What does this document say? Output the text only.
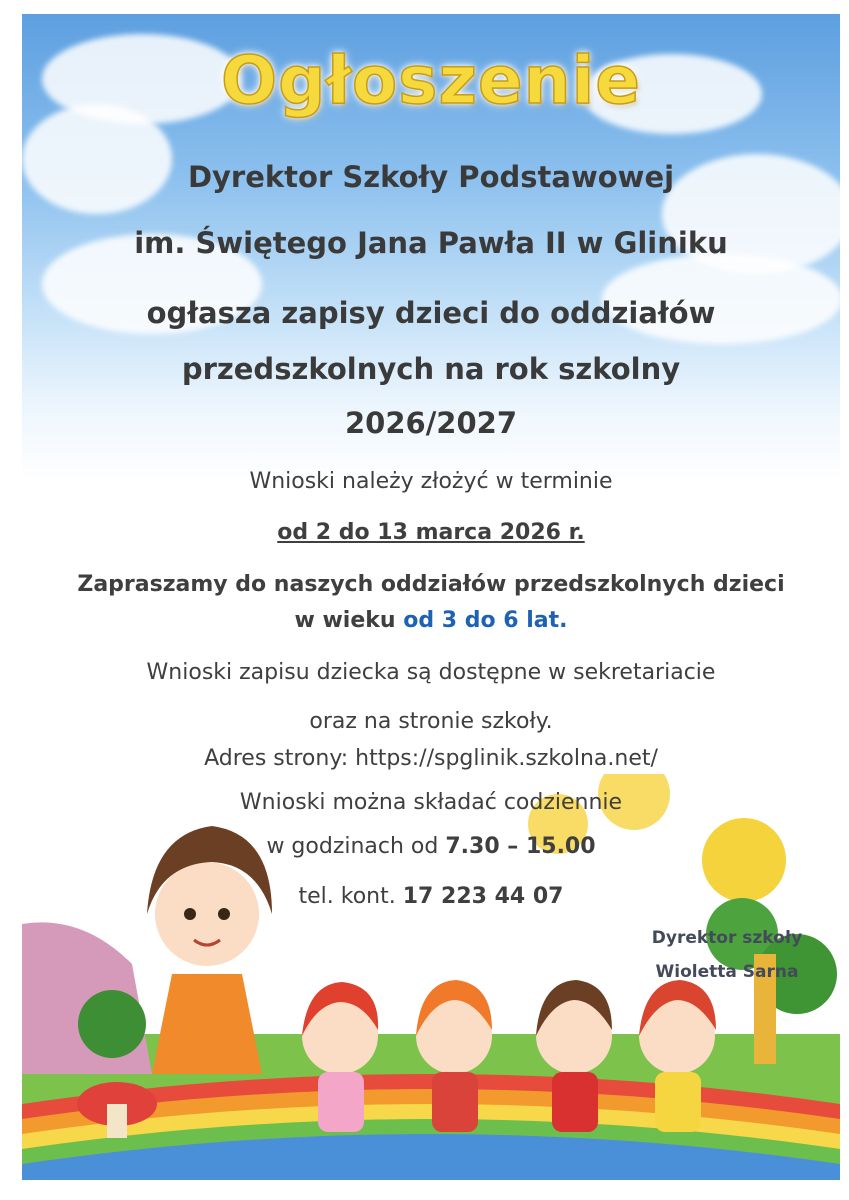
Ogłoszenie
Dyrektor Szkoły Podstawowej
im. Świętego Jana Pawła II w Gliniku
ogłasza zapisy dzieci do oddziałów
przedszkolnych na rok szkolny
2026/2027
Wnioski należy złożyć w terminie
od 2 do 13 marca 2026 r.
Zapraszamy do naszych oddziałów przedszkolnych dzieci
w wieku od 3 do 6 lat.
Wnioski zapisu dziecka są dostępne w sekretariacie
oraz na stronie szkoły.
Adres strony: https://spglinik.szkolna.net/
Wnioski można składać codziennie
w godzinach od 7.30 – 15.00
tel. kont. 17 223 44 07
Dyrektor szkoły
Wioletta Sarna
